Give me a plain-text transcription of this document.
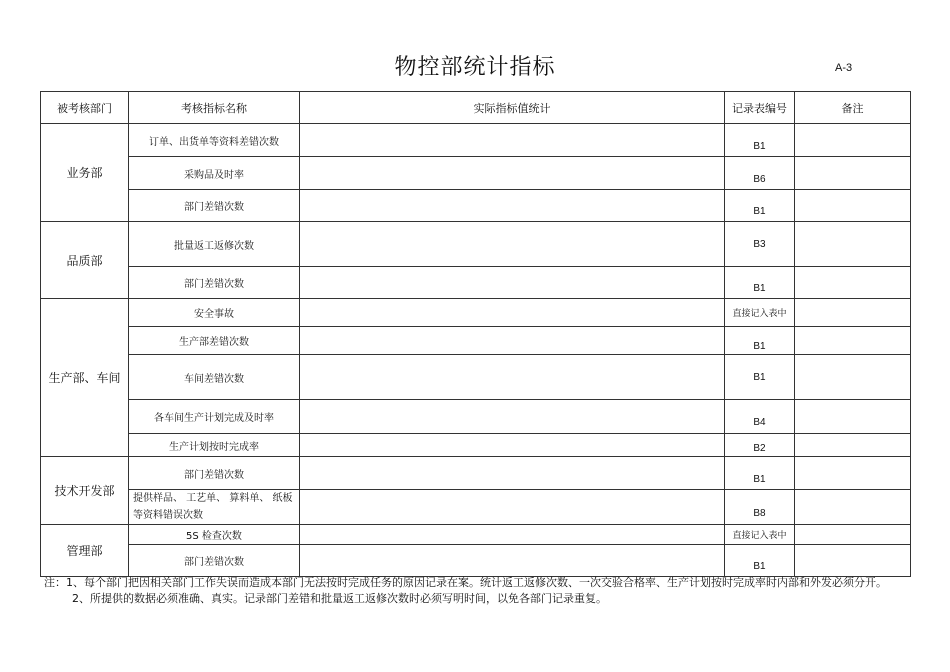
物控部统计指标	A-3
被考核部门	考核指标名称	实际指标值统计	记录表编号	备注
业务部	订单、出货单等资料差错次数		B1	
	采购品及时率		B6	
	部门差错次数		B1	
品质部	批量返工返修次数		B3	
	部门差错次数		B1	
生产部、车间	安全事故		直接记入表中	
	生产部差错次数		B1	
	车间差错次数		B1	
	各车间生产计划完成及时率		B4	
	生产计划按时完成率		B2	
技术开发部	部门差错次数		B1	
	提供样品、 工艺单、 算料单、 纸板等资料错误次数		B8	
管理部	5S 检查次数		直接记入表中	
	部门差错次数		B1	
注：1、每个部门把因相关部门工作失误而造成本部门无法按时完成任务的原因记录在案。统计返工返修次数、一次交验合格率、生产计划按时完成率时内部和外发必须分开。
2、所提供的数据必须准确、真实。记录部门差错和批量返工返修次数时必须写明时间，以免各部门记录重复。
